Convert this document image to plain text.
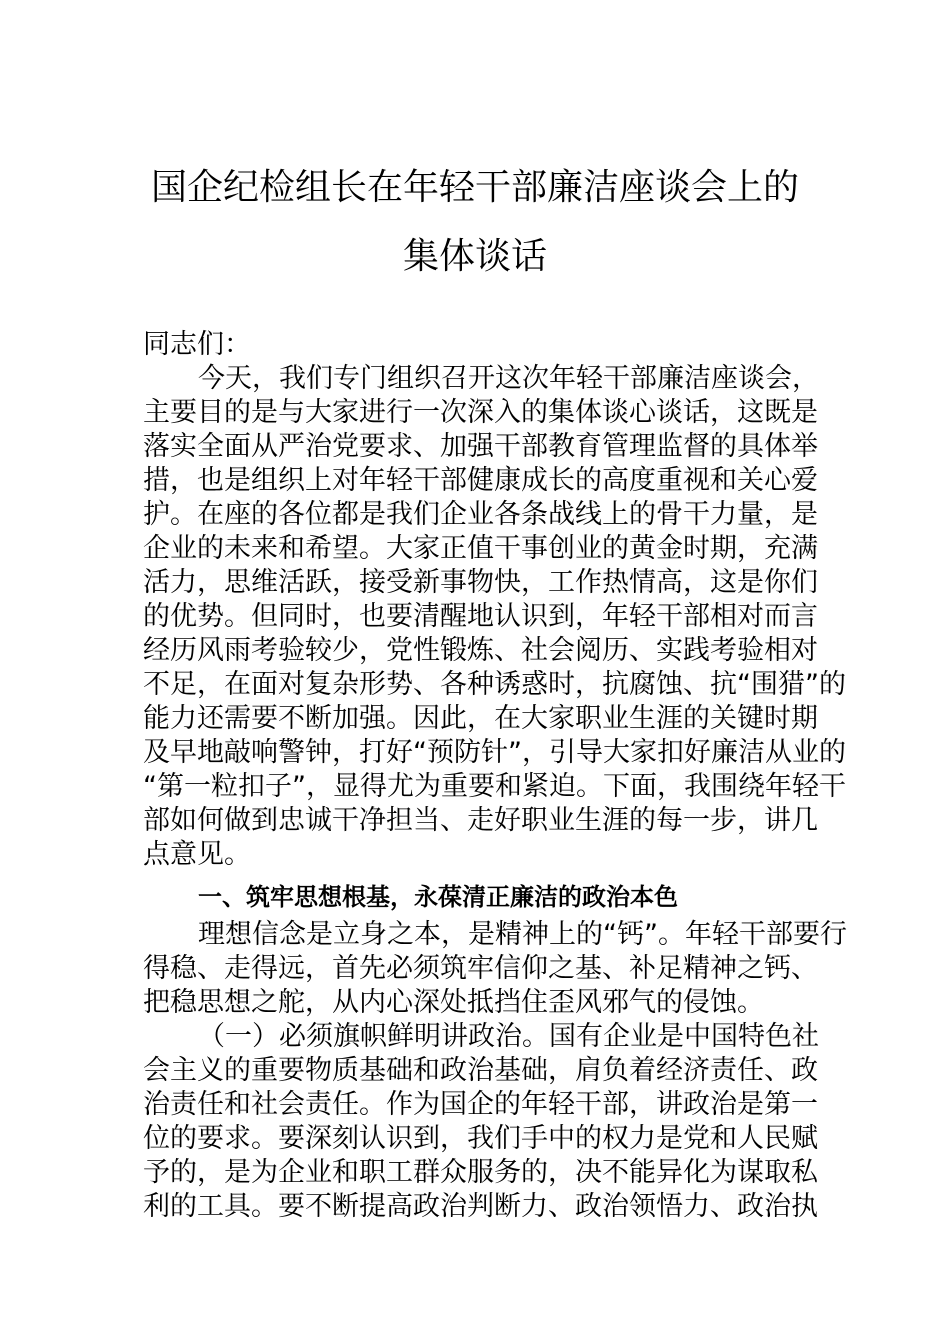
国企纪检组长在年轻干部廉洁座谈会上的
集体谈话
同志们：
今天，我们专门组织召开这次年轻干部廉洁座谈会，
主要目的是与大家进行一次深入的集体谈心谈话，这既是
落实全面从严治党要求、加强干部教育管理监督的具体举
措，也是组织上对年轻干部健康成长的高度重视和关心爱
护。在座的各位都是我们企业各条战线上的骨干力量，是
企业的未来和希望。大家正值干事创业的黄金时期，充满
活力，思维活跃，接受新事物快，工作热情高，这是你们
的优势。但同时，也要清醒地认识到，年轻干部相对而言
经历风雨考验较少，党性锻炼、社会阅历、实践考验相对
不足，在面对复杂形势、各种诱惑时，抗腐蚀、抗“围猎”的
能力还需要不断加强。因此，在大家职业生涯的关键时期
及早地敲响警钟，打好“预防针”，引导大家扣好廉洁从业的
“第一粒扣子”，显得尤为重要和紧迫。下面，我围绕年轻干
部如何做到忠诚干净担当、走好职业生涯的每一步，讲几
点意见。
一、筑牢思想根基，永葆清正廉洁的政治本色
理想信念是立身之本，是精神上的“钙”。年轻干部要行
得稳、走得远，首先必须筑牢信仰之基、补足精神之钙、
把稳思想之舵，从内心深处抵挡住歪风邪气的侵蚀。
（一）必须旗帜鲜明讲政治。国有企业是中国特色社
会主义的重要物质基础和政治基础，肩负着经济责任、政
治责任和社会责任。作为国企的年轻干部，讲政治是第一
位的要求。要深刻认识到，我们手中的权力是党和人民赋
予的，是为企业和职工群众服务的，决不能异化为谋取私
利的工具。要不断提高政治判断力、政治领悟力、政治执
